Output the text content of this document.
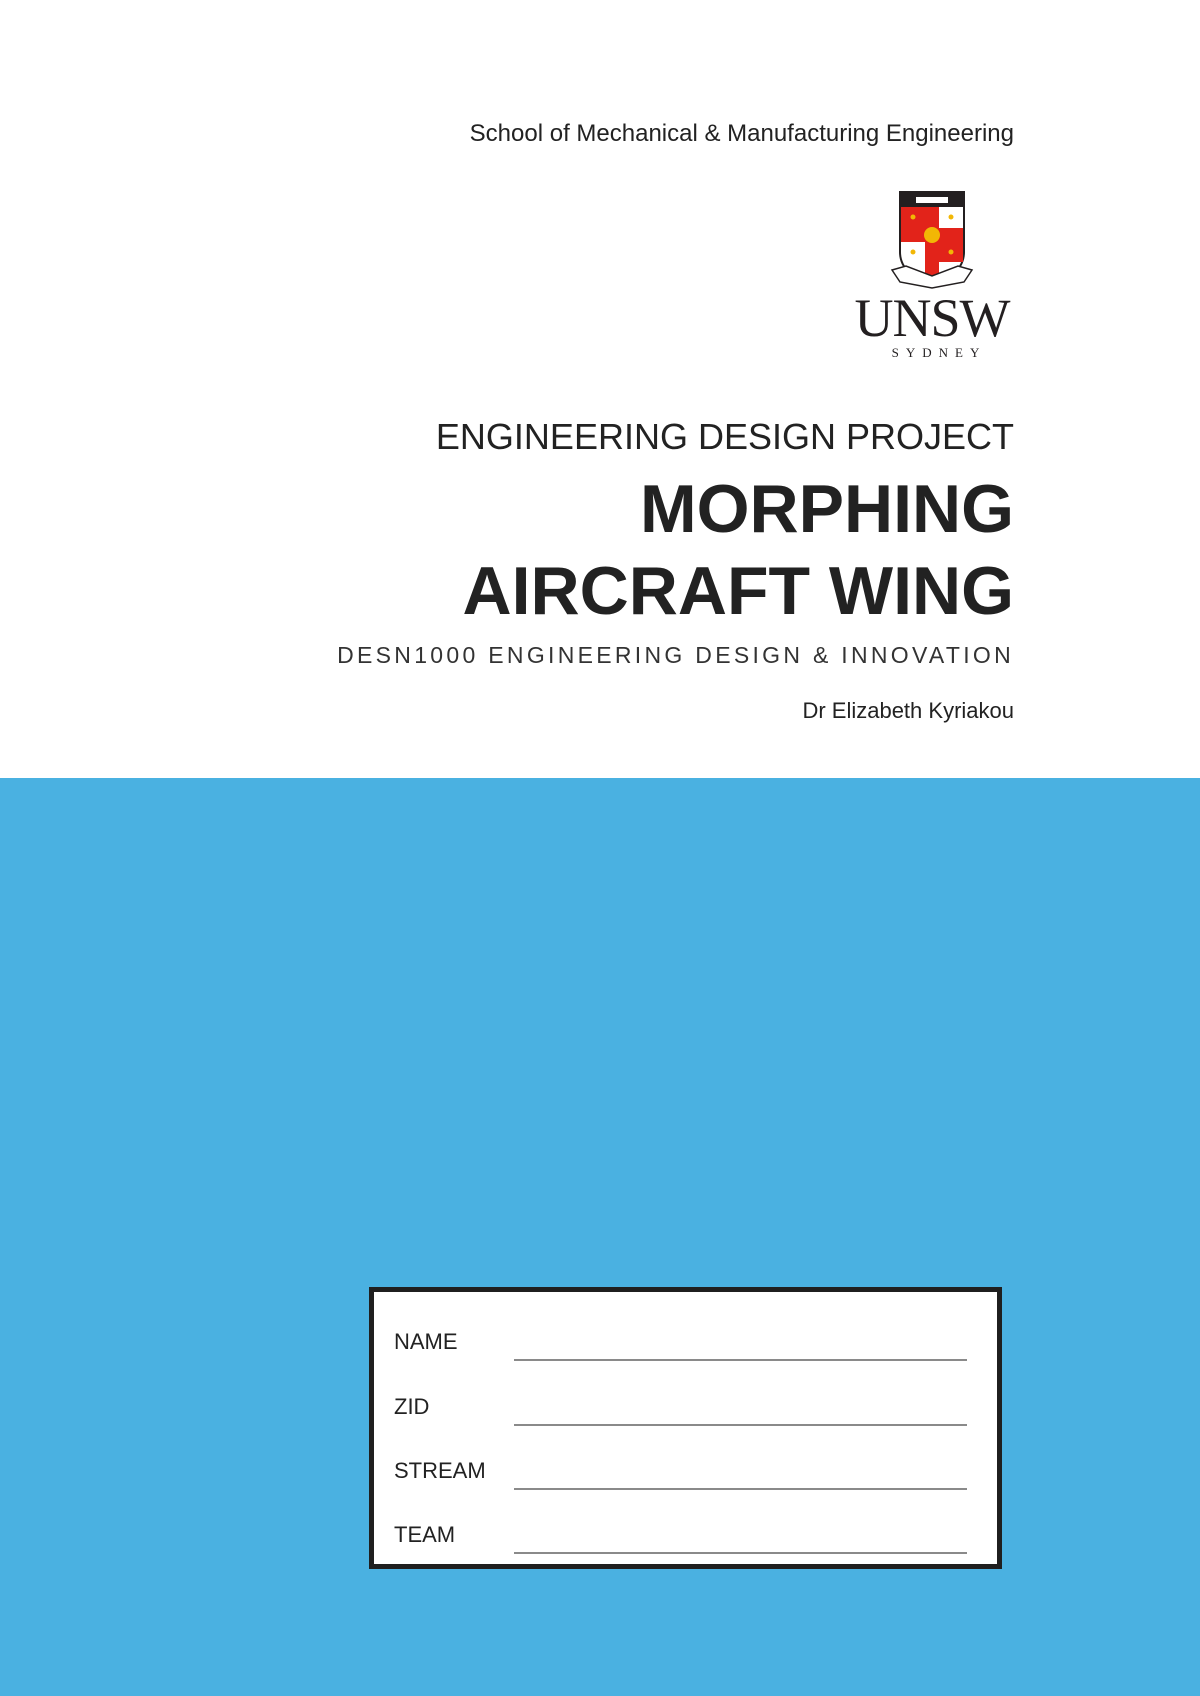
School of Mechanical & Manufacturing Engineering
UNSW
SYDNEY
ENGINEERING DESIGN PROJECT
MORPHING
AIRCRAFT WING
DESN1000 ENGINEERING DESIGN & INNOVATION
Dr Elizabeth Kyriakou
NAME
ZID
STREAM
TEAM
